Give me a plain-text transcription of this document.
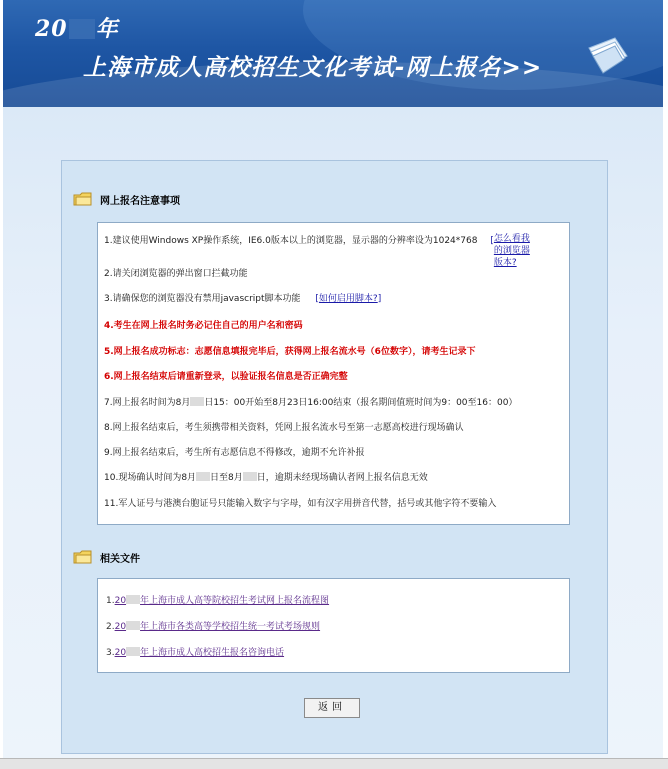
20 年
上海市成人高校招生文化考试-网上报名>>
网上报名注意事项
1.建议使用Windows XP操作系统，IE6.0版本以上的浏览器，显示器的分辨率设为1024*768 [怎么看我的浏览器版本?
2.请关闭浏览器的弹出窗口拦截功能
3.请确保您的浏览器没有禁用javascript脚本功能 [如何启用脚本?]
4.考生在网上报名时务必记住自己的用户名和密码
5.网上报名成功标志：志愿信息填报完毕后，获得网上报名流水号（6位数字），请考生记录下
6.网上报名结束后请重新登录，以验证报名信息是否正确完整
7.网上报名时间为8月 日15：00开始至8月23日16:00结束（报名期间值班时间为9：00至16：00）
8.网上报名结束后，考生须携带相关资料，凭网上报名流水号至第一志愿高校进行现场确认
9.网上报名结束后，考生所有志愿信息不得修改，逾期不允许补报
10.现场确认时间为8月 日至8月 日，逾期未经现场确认者网上报名信息无效
11.军人证号与港澳台胞证号只能输入数字与字母，如有汉字用拼音代替，括号或其他字符不要输入
相关文件
1.20 年上海市成人高等院校招生考试网上报名流程图
2.20 年上海市各类高等学校招生统一考试考场规则
3.20 年上海市成人高校招生报名咨询电话
返回
